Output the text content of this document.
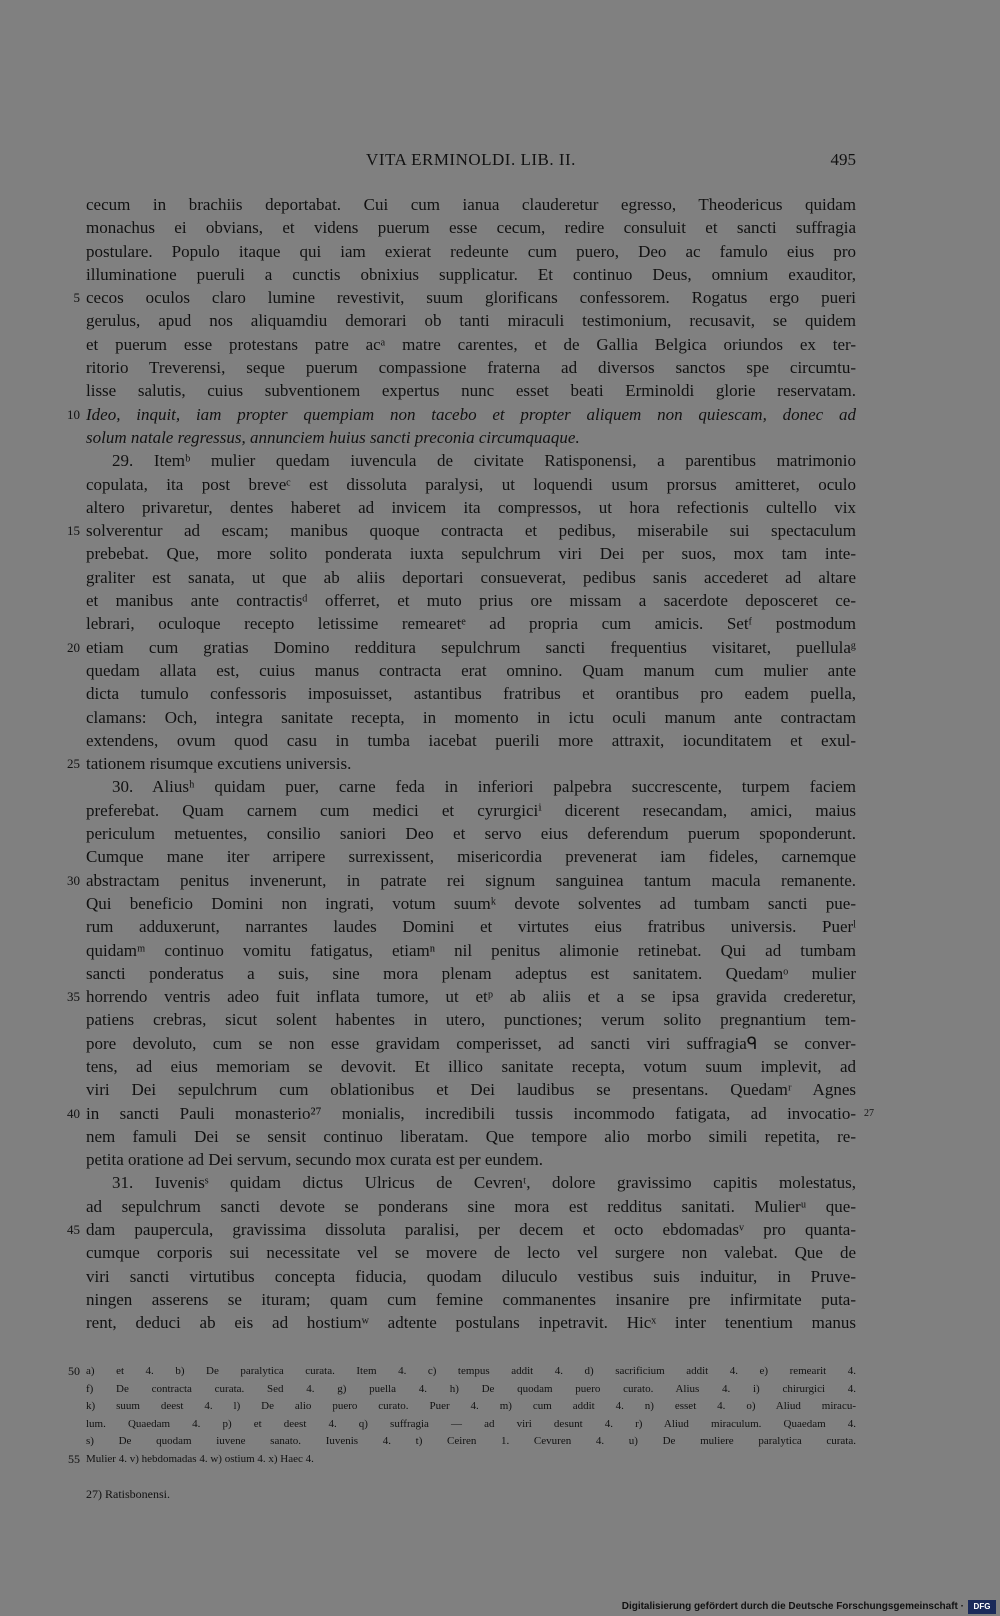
VITA ERMINOLDI. LIB. II.	495
cecum in brachiis deportabat. Cui cum ianua clauderetur egresso, Theodericus quidam
monachus ei obvians, et videns puerum esse cecum, redire consuluit et sancti suffragia
postulare. Populo itaque qui iam exierat redeunte cum puero, Deo ac famulo eius pro
illuminatione pueruli a cunctis obnixius supplicatur. Et continuo Deus, omnium exauditor,
5 cecos oculos claro lumine revestivit, suum glorificans confessorem. Rogatus ergo pueri
gerulus, apud nos aliquamdiu demorari ob tanti miraculi testimonium, recusavit, se quidem
et puerum esse protestans patre acᵃ matre carentes, et de Gallia Belgica oriundos ex ter-
ritorio Treverensi, seque puerum compassione fraterna ad diversos sanctos spe circumtu-
lisse salutis, cuius subventionem expertus nunc esset beati Erminoldi glorie reservatam.
10 Ideo, inquit, iam propter quempiam non tacebo et propter aliquem non quiescam, donec ad
solum natale regressus, annunciem huius sancti preconia circumquaque.
29. Itemᵇ mulier quedam iuvencula de civitate Ratisponensi, a parentibus matrimonio
copulata, ita post breveᶜ est dissoluta paralysi, ut loquendi usum prorsus amitteret, oculo
altero privaretur, dentes haberet ad invicem ita compressos, ut hora refectionis cultello vix
15 solverentur ad escam; manibus quoque contracta et pedibus, miserabile sui spectaculum
prebebat. Que, more solito ponderata iuxta sepulchrum viri Dei per suos, mox tam inte-
graliter est sanata, ut que ab aliis deportari consueverat, pedibus sanis accederet ad altare
et manibus ante contractisᵈ offerret, et muto prius ore missam a sacerdote deposceret ce-
lebrari, oculoque recepto letissime remearetᵉ ad propria cum amicis. Setᶠ postmodum
20 etiam cum gratias Domino redditura sepulchrum sancti frequentius visitaret, puellulaᵍ
quedam allata est, cuius manus contracta erat omnino. Quam manum cum mulier ante
dicta tumulo confessoris imposuisset, astantibus fratribus et orantibus pro eadem puella,
clamans: Och, integra sanitate recepta, in momento in ictu oculi manum ante contractam
extendens, ovum quod casu in tumba iacebat puerili more attraxit, iocunditatem et exul-
25 tationem risumque excutiens universis.
30. Aliusʰ quidam puer, carne feda in inferiori palpebra succrescente, turpem faciem
preferebat. Quam carnem cum medici et cyrurgiciⁱ dicerent resecandam, amici, maius
periculum metuentes, consilio saniori Deo et servo eius deferendum puerum spoponderunt.
Cumque mane iter arripere surrexissent, misericordia prevenerat iam fideles, carnemque
30 abstractam penitus invenerunt, in patrate rei signum sanguinea tantum macula remanente.
Qui beneficio Domini non ingrati, votum suumᵏ devote solventes ad tumbam sancti pue-
rum adduxerunt, narrantes laudes Domini et virtutes eius fratribus universis. Puerˡ
quidamᵐ continuo vomitu fatigatus, etiamⁿ nil penitus alimonie retinebat. Qui ad tumbam
sancti ponderatus a suis, sine mora plenam adeptus est sanitatem. Quedamᵒ mulier
35 horrendo ventris adeo fuit inflata tumore, ut etᵖ ab aliis et a se ipsa gravida crederetur,
patiens crebras, sicut solent habentes in utero, punctiones; verum solito pregnantium tem-
pore devoluto, cum se non esse gravidam comperisset, ad sancti viri suffragiaᑫ se conver-
tens, ad eius memoriam se devovit. Et illico sanitate recepta, votum suum implevit, ad
viri Dei sepulchrum cum oblationibus et Dei laudibus se presentans. Quedamʳ Agnes
40 in sancti Pauli monasterio²⁷ monialis, incredibili tussis incommodo fatigata, ad invocatio- 27
nem famuli Dei se sensit continuo liberatam. Que tempore alio morbo simili repetita, re-
petita oratione ad Dei servum, secundo mox curata est per eundem.
31. Iuvenisˢ quidam dictus Ulricus de Cevrenᵗ, dolore gravissimo capitis molestatus,
ad sepulchrum sancti devote se ponderans sine mora est redditus sanitati. Mulierᵘ que-
45 dam paupercula, gravissima dissoluta paralisi, per decem et octo ebdomadasᵛ pro quanta-
cumque corporis sui necessitate vel se movere de lecto vel surgere non valebat. Que de
viri sancti virtutibus concepta fiducia, quodam diluculo vestibus suis induitur, in Pruve-
ningen asserens se ituram; quam cum femine commanentes insanire pre infirmitate puta-
rent, deduci ab eis ad hostiumʷ adtente postulans inpetravit. Hicˣ inter tenentium manus
50 a) et 4. b) De paralytica curata. Item 4. c) tempus addit 4. d) sacrificium addit 4. e) remearit 4.
f) De contracta curata. Sed 4. g) puella 4. h) De quodam puero curato. Alius 4. i) chirurgici 4.
k) suum deest 4. l) De alio puero curato. Puer 4. m) cum addit 4. n) esset 4. o) Aliud miracu-
lum. Quaedam 4. p) et deest 4. q) suffragia — ad viri desunt 4. r) Aliud miraculum. Quaedam 4.
s) De quodam iuvene sanato. Iuvenis 4. t) Ceiren 1. Cevuren 4. u) De muliere paralytica curata.
55 Mulier 4. v) hebdomadas 4. w) ostium 4. x) Haec 4.
27) Ratisbonensi.
Digitalisierung gefördert durch die Deutsche Forschungsgemeinschaft ·	DFG
